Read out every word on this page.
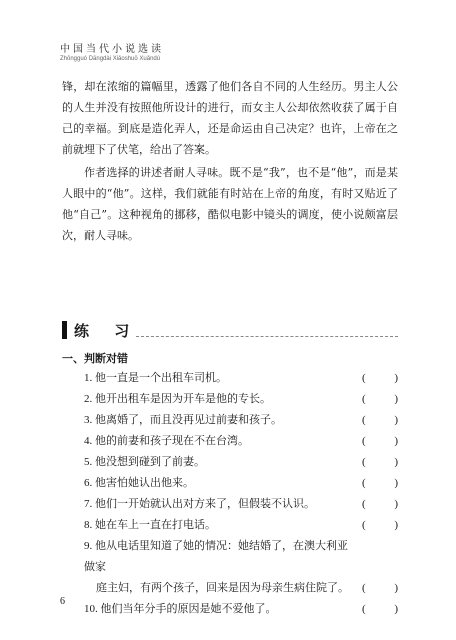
中国当代小说选读
Zhōngguó Dāngdài Xiǎoshuō Xuǎndú

锋，却在浓缩的篇幅里，透露了他们各自不同的人生经历。男主人公的人生并没有按照他所设计的进行，而女主人公却依然收获了属于自己的幸福。到底是造化弄人，还是命运由自己决定？也许，上帝在之前就埋下了伏笔，给出了答案。

作者选择的讲述者耐人寻味。既不是“我”，也不是“他”，而是某人眼中的“他”。这样，我们就能有时站在上帝的角度，有时又贴近了他“自己”。这种视角的挪移，酷似电影中镜头的调度，使小说颇富层次，耐人寻味。

练 习
一、判断对错
1. 他一直是一个出租车司机。	(	)
2. 他开出租车是因为开车是他的专长。	(	)
3. 他离婚了，而且没再见过前妻和孩子。	(	)
4. 他的前妻和孩子现在不在台湾。	(	)
5. 他没想到碰到了前妻。	(	)
6. 他害怕她认出他来。	(	)
7. 他们一开始就认出对方来了，但假装不认识。	(	)
8. 她在车上一直在打电话。	(	)
9. 他从电话里知道了她的情况：她结婚了，在澳大利亚做家
庭主妇，有两个孩子，回来是因为母亲生病住院了。	(	)
10. 他们当年分手的原因是她不爱他了。	(	)
6
